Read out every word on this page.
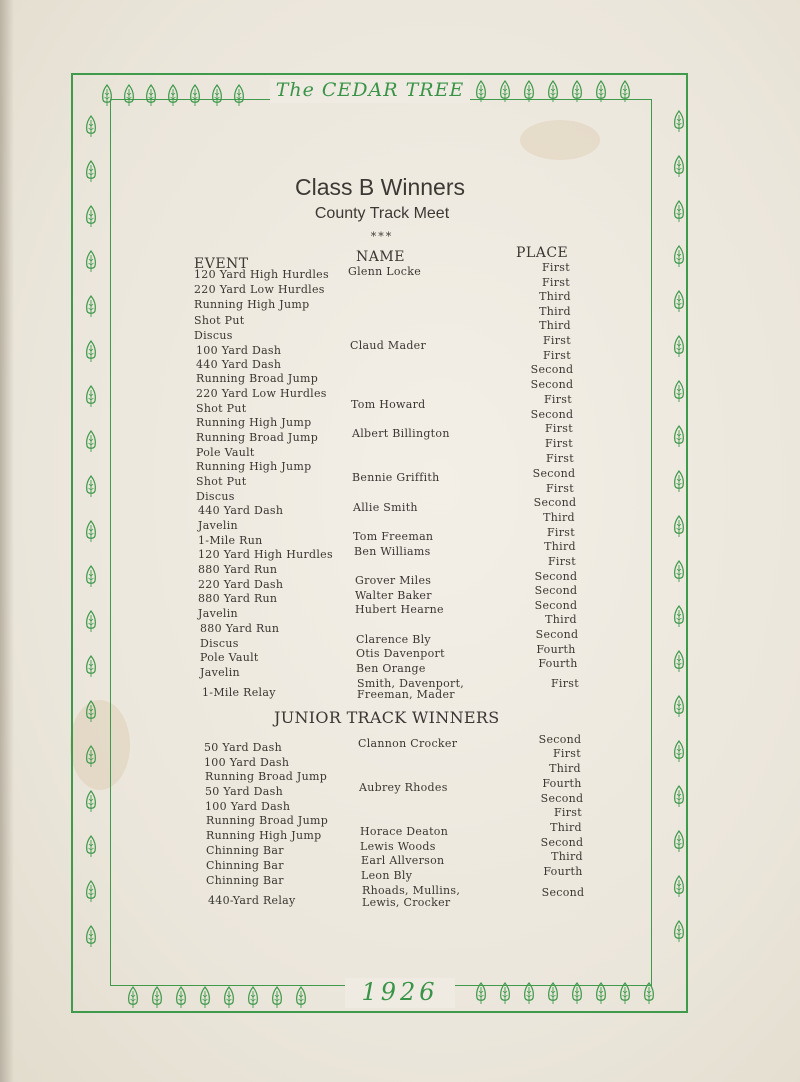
The CEDAR TREE
1926
Class B Winners
County Track Meet
***
EVENT	NAME	PLACE
120 Yard High Hurdles
220 Yard Low Hurdles
Running High Jump
Shot Put
Discus
100 Yard Dash
440 Yard Dash
Running Broad Jump
220 Yard Low Hurdles
Shot Put
Running High Jump
Running Broad Jump
Pole Vault
Running High Jump
Shot Put
Discus
440 Yard Dash
Javelin
1-Mile Run
120 Yard High Hurdles
880 Yard Run
220 Yard Dash
880 Yard Run
Javelin
880 Yard Run
Discus
Pole Vault
Javelin
1-Mile Relay
Glenn Locke
Claud Mader
Tom Howard
Albert Billington
Bennie Griffith
Allie Smith
Tom Freeman
Ben Williams
Grover Miles
Walter Baker
Hubert Hearne
Clarence Bly
Otis Davenport
Ben Orange
Smith, Davenport,
Freeman, Mader
First
First
Third
Third
Third
First
First
Second
Second
First
Second
First
First
First
Second
First
Second
Third
First
Third
First
Second
Second
Second
Third
Second
Fourth
Fourth
First
JUNIOR TRACK WINNERS
50 Yard Dash
100 Yard Dash
Running Broad Jump
50 Yard Dash
100 Yard Dash
Running Broad Jump
Running High Jump
Chinning Bar
Chinning Bar
Chinning Bar
440-Yard Relay
Clannon Crocker
Aubrey Rhodes
Horace Deaton
Lewis Woods
Earl Allverson
Leon Bly
Rhoads, Mullins,
Lewis, Crocker
Second
First
Third
Fourth
Second
First
Third
Second
Third
Fourth
Second
